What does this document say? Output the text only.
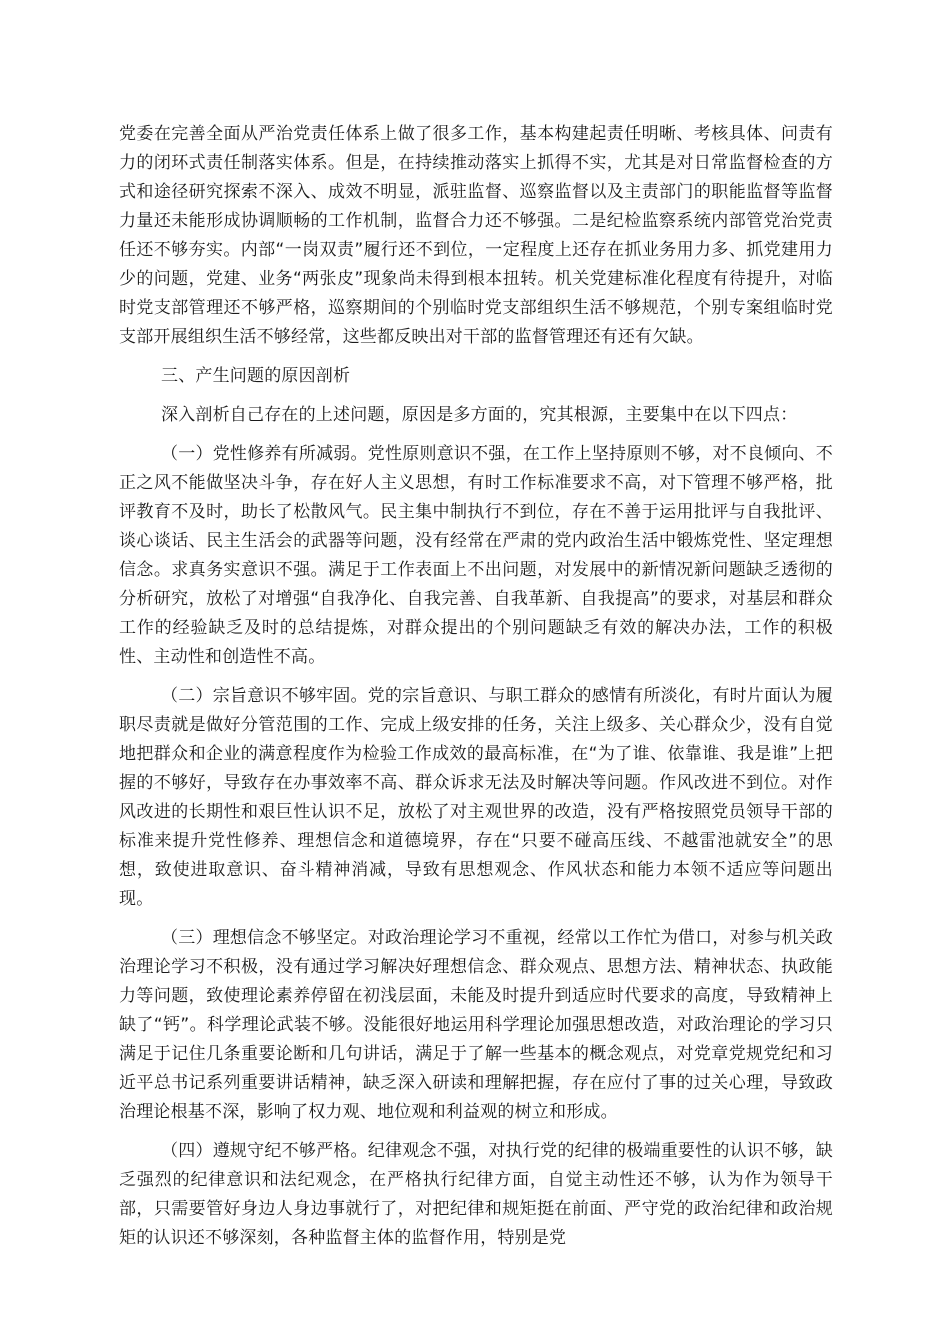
党委在完善全面从严治党责任体系上做了很多工作，基本构建起责任明晰、考核具体、问责有力的闭环式责任制落实体系。但是，在持续推动落实上抓得不实，尤其是对日常监督检查的方式和途径研究探索不深入、成效不明显，派驻监督、巡察监督以及主责部门的职能监督等监督力量还未能形成协调顺畅的工作机制，监督合力还不够强。二是纪检监察系统内部管党治党责任还不够夯实。内部“一岗双责”履行还不到位，一定程度上还存在抓业务用力多、抓党建用力少的问题，党建、业务“两张皮”现象尚未得到根本扭转。机关党建标准化程度有待提升，对临时党支部管理还不够严格，巡察期间的个别临时党支部组织生活不够规范，个别专案组临时党支部开展组织生活不够经常，这些都反映出对干部的监督管理还有还有欠缺。

三、产生问题的原因剖析

深入剖析自己存在的上述问题，原因是多方面的，究其根源，主要集中在以下四点：

（一）党性修养有所减弱。党性原则意识不强，在工作上坚持原则不够，对不良倾向、不正之风不能做坚决斗争，存在好人主义思想，有时工作标准要求不高，对下管理不够严格，批评教育不及时，助长了松散风气。民主集中制执行不到位，存在不善于运用批评与自我批评、谈心谈话、民主生活会的武器等问题，没有经常在严肃的党内政治生活中锻炼党性、坚定理想信念。求真务实意识不强。满足于工作表面上不出问题，对发展中的新情况新问题缺乏透彻的分析研究，放松了对增强“自我净化、自我完善、自我革新、自我提高”的要求，对基层和群众工作的经验缺乏及时的总结提炼，对群众提出的个别问题缺乏有效的解决办法，工作的积极性、主动性和创造性不高。

（二）宗旨意识不够牢固。党的宗旨意识、与职工群众的感情有所淡化，有时片面认为履职尽责就是做好分管范围的工作、完成上级安排的任务，关注上级多、关心群众少，没有自觉地把群众和企业的满意程度作为检验工作成效的最高标准，在“为了谁、依靠谁、我是谁”上把握的不够好，导致存在办事效率不高、群众诉求无法及时解决等问题。作风改进不到位。对作风改进的长期性和艰巨性认识不足，放松了对主观世界的改造，没有严格按照党员领导干部的标准来提升党性修养、理想信念和道德境界，存在“只要不碰高压线、不越雷池就安全”的思想，致使进取意识、奋斗精神消减，导致有思想观念、作风状态和能力本领不适应等问题出现。

（三）理想信念不够坚定。对政治理论学习不重视，经常以工作忙为借口，对参与机关政治理论学习不积极，没有通过学习解决好理想信念、群众观点、思想方法、精神状态、执政能力等问题，致使理论素养停留在初浅层面，未能及时提升到适应时代要求的高度，导致精神上缺了“钙”。科学理论武装不够。没能很好地运用科学理论加强思想改造，对政治理论的学习只满足于记住几条重要论断和几句讲话，满足于了解一些基本的概念观点，对党章党规党纪和习近平总书记系列重要讲话精神，缺乏深入研读和理解把握，存在应付了事的过关心理，导致政治理论根基不深，影响了权力观、地位观和利益观的树立和形成。

（四）遵规守纪不够严格。纪律观念不强，对执行党的纪律的极端重要性的认识不够，缺乏强烈的纪律意识和法纪观念，在严格执行纪律方面，自觉主动性还不够，认为作为领导干部，只需要管好身边人身边事就行了，对把纪律和规矩挺在前面、严守党的政治纪律和政治规矩的认识还不够深刻，各种监督主体的监督作用，特别是党
